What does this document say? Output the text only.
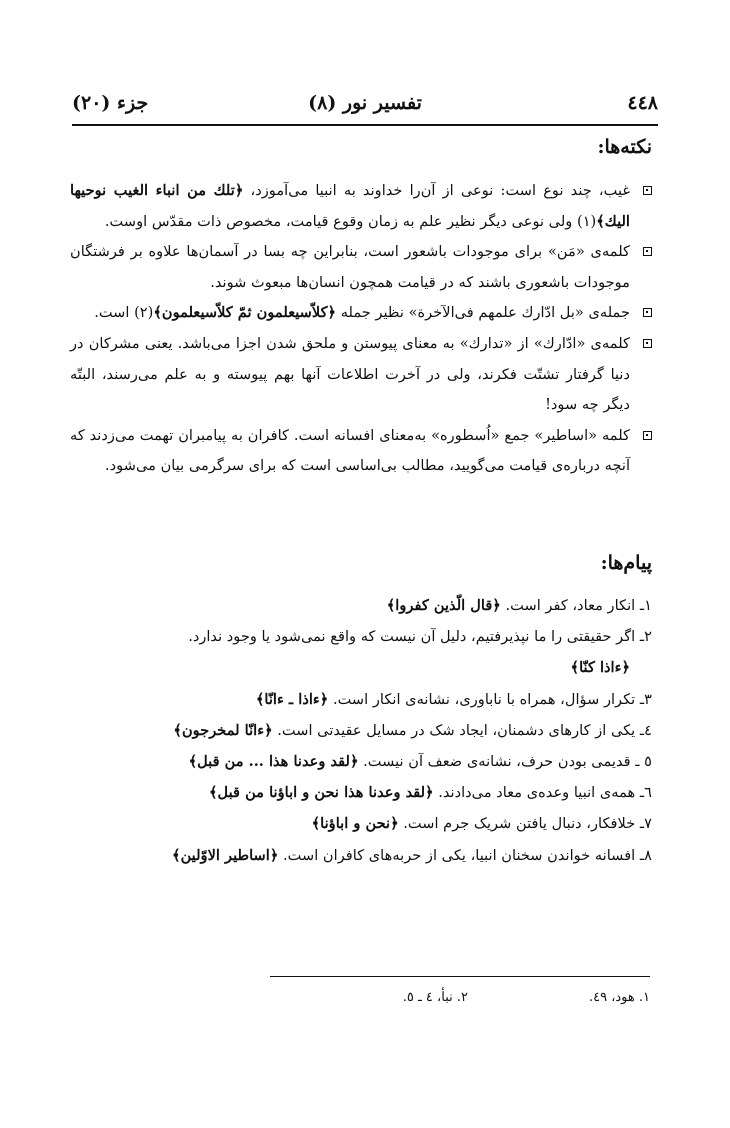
٤٤٨
تفسیر نور (٨)
جزء (٢٠)
نکته‌ها:
غیب، چند نوع است: نوعی از آن‌را خداوند به انبیا می‌آموزد، ﴿تلك من انباء الغیب نوحیها الیك﴾(١) ولی نوعی دیگر نظیر علم به زمان وقوع قیامت، مخصوص ذات مقدّس اوست.
کلمه‌ی «مَن» برای موجودات باشعور است، بنابراین چه بسا در آسمان‌ها علاوه بر فرشتگان موجودات باشعوری باشند که در قیامت همچون انسان‌ها مبعوث شوند.
جمله‌ی «بل ادّارك علمهم فی‌الآخرة» نظیر جمله ﴿کلاّسیعلمون ثمّ کلاّسیعلمون﴾(٢) است.
کلمه‌ی «ادّارك» از «تدارك» به معنای پیوستن و ملحق شدن اجزا می‌باشد. یعنی مشرکان در دنیا گرفتار تشتّت فکرند، ولی در آخرت اطلاعات آنها بهم پیوسته و به علم می‌رسند، البتّه دیگر چه سود!
کلمه «اساطیر» جمع «اُسطوره» به‌معنای افسانه است. کافران به پیامبران تهمت می‌زدند که آنچه درباره‌ی قیامت می‌گویید، مطالب بی‌اساسی است که برای سرگرمی بیان می‌شود.
پیام‌ها:

١ـ انکار معاد، کفر است. ﴿قال الّذین کفروا﴾

٢ـ اگر حقیقتی را ما نپذیرفتیم، دلیل آن نیست که واقع نمی‌شود یا وجود ندارد.

﴿ءاذا کنّا﴾

٣ـ تکرار سؤال، همراه با ناباوری، نشانه‌ی انکار است. ﴿ءاذا ـ ءانّا﴾

٤ـ یکی از کارهای دشمنان، ایجاد شک در مسایل عقیدتی است. ﴿ءانّا لمخرجون﴾

٥ ـ قدیمی بودن حرف، نشانه‌ی ضعف آن نیست. ﴿لقد وعدنا هذا ... من قبل﴾

٦ـ همه‌ی انبیا وعده‌ی معاد می‌دادند. ﴿لقد وعدنا هذا نحن و اباؤنا من قبل﴾

٧ـ خلافکار، دنبال یافتن شریک جرم است. ﴿نحن و اباؤنا﴾

٨ـ افسانه خواندن سخنان انبیا، یکی از حربه‌های کافران است. ﴿اساطیر الاوّلین﴾

١. هود، ٤٩.
٢. نبأ، ٤ ـ ٥.
